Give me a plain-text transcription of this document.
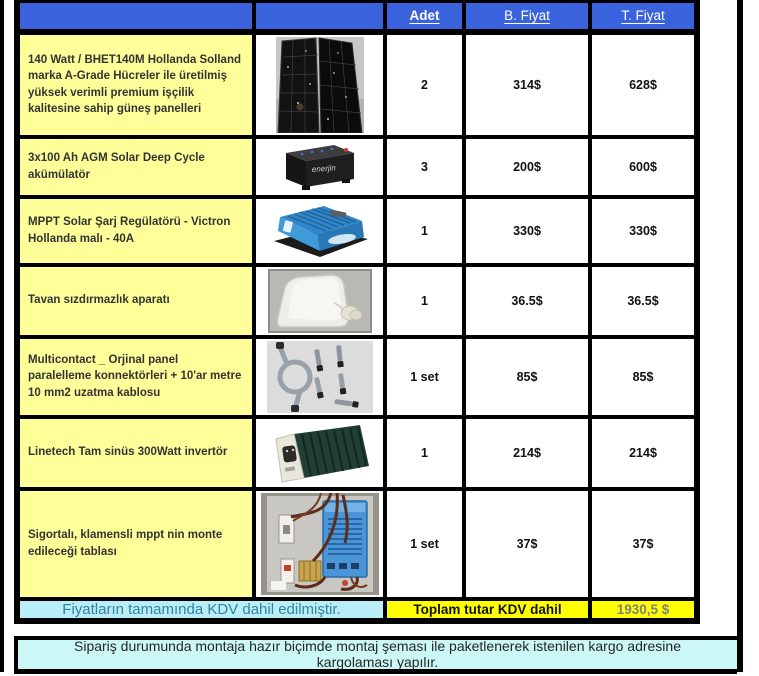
		Adet	B. Fiyat	T. Fiyat
140 Watt / BHET140M Hollanda Solland marka A-Grade Hücreler ile üretilmiş yüksek verimli premium işçilik kalitesine sahip güneş panelleri		2	314$	628$
3x100 Ah AGM Solar Deep Cycle akümülatör	enerjin	3	200$	600$
MPPT Solar Şarj Regülatörü - Victron Hollanda malı - 40A		1	330$	330$
Tavan sızdırmazlık aparatı		1	36.5$	36.5$
Multicontact _ Orjinal panel paralelleme konnektörleri + 10'ar metre 10 mm2 uzatma kablosu		1 set	85$	85$
Linetech Tam sinüs 300Watt invertör		1	214$	214$
Sigortalı, klamensli mppt nin monte edileceği tablası		1 set	37$	37$
Fiyatların tamamında KDV dahil edilmiştir.		Toplam tutar KDV dahil		1930,5 $
Sipariş durumunda montaja hazır biçimde montaj şeması ile paketlenerek istenilen kargo adresine kargolaması yapılır.
